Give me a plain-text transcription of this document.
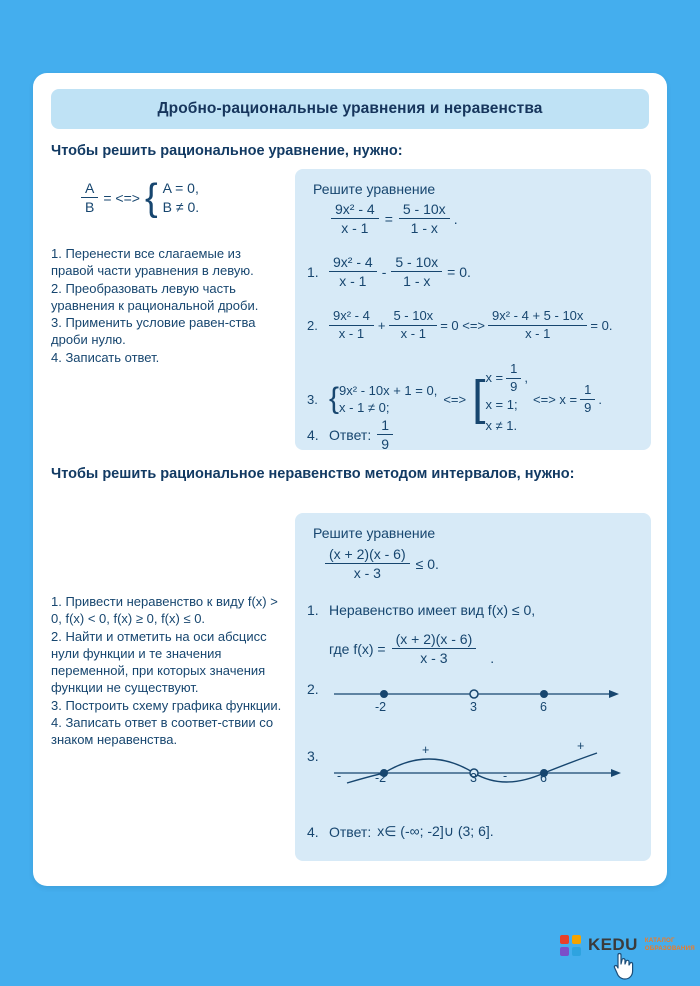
Дробно-рациональные уравнения и неравенства
Чтобы решить рациональное уравнение, нужно:
$\frac{A}{B}$ = <=> { A = 0,
B ≠ 0.
1. Перенести все слагаемые из правой части уравнения в левую.
2. Преобразовать левую часть уравнения к рациональной дроби.
3. Применить условие равен-ства дроби нулю.
4. Записать ответ.
Решите уравнение
$\frac{\text{9x² - 4}}{x - 1} = \frac{5 - 10x}{1 - x}$ .
1. $\frac{\text{9x² - 4}}{x - 1} - \frac{5 - 10x}{1 - x} = 0$.
2. $\frac{\text{9x² - 4}}{x - 1} + \frac{5 - 10x}{x - 1} = 0$ <=> $\frac{\text{9x² - 4 + 5 - 10x}}{x - 1} = 0$.
3. { 9x² - 10x + 1 = 0,
x - 1 ≠ 0;
<=> [ $x = \frac{1}{9}$ ,
x = 1;
x ≠ 1.
<=> $x = \frac{1}{9}$ .
4. Ответ: $\frac{1}{9}$
Чтобы решить рациональное неравенство методом интервалов, нужно:
1. Привести неравенство к виду f(x) > 0, f(x) < 0, f(x) ≥ 0, f(x) ≤ 0.
2. Найти и отметить на оси абсцисс нули функции и те значения переменной, при которых значения функции не существуют.
3. Построить схему графика функции.
4. Записать ответ в соответ-ствии со знаком неравенства.
Решите уравнение
$\frac{(x + 2)(x - 6)}{x - 3} \le 0$.
1. Неравенство имеет вид f(x) ≤ 0,
где $f(x) = \frac{(x + 2)(x - 6)}{x - 3}$	.
2.
-2	3	6
3.
-
+
-
+
-2	3	6
4. Ответ: x∈ (-∞; -2]∪ (3; 6].
KEDU КАТАЛОГ
ОБРАЗОВАНИЯ
